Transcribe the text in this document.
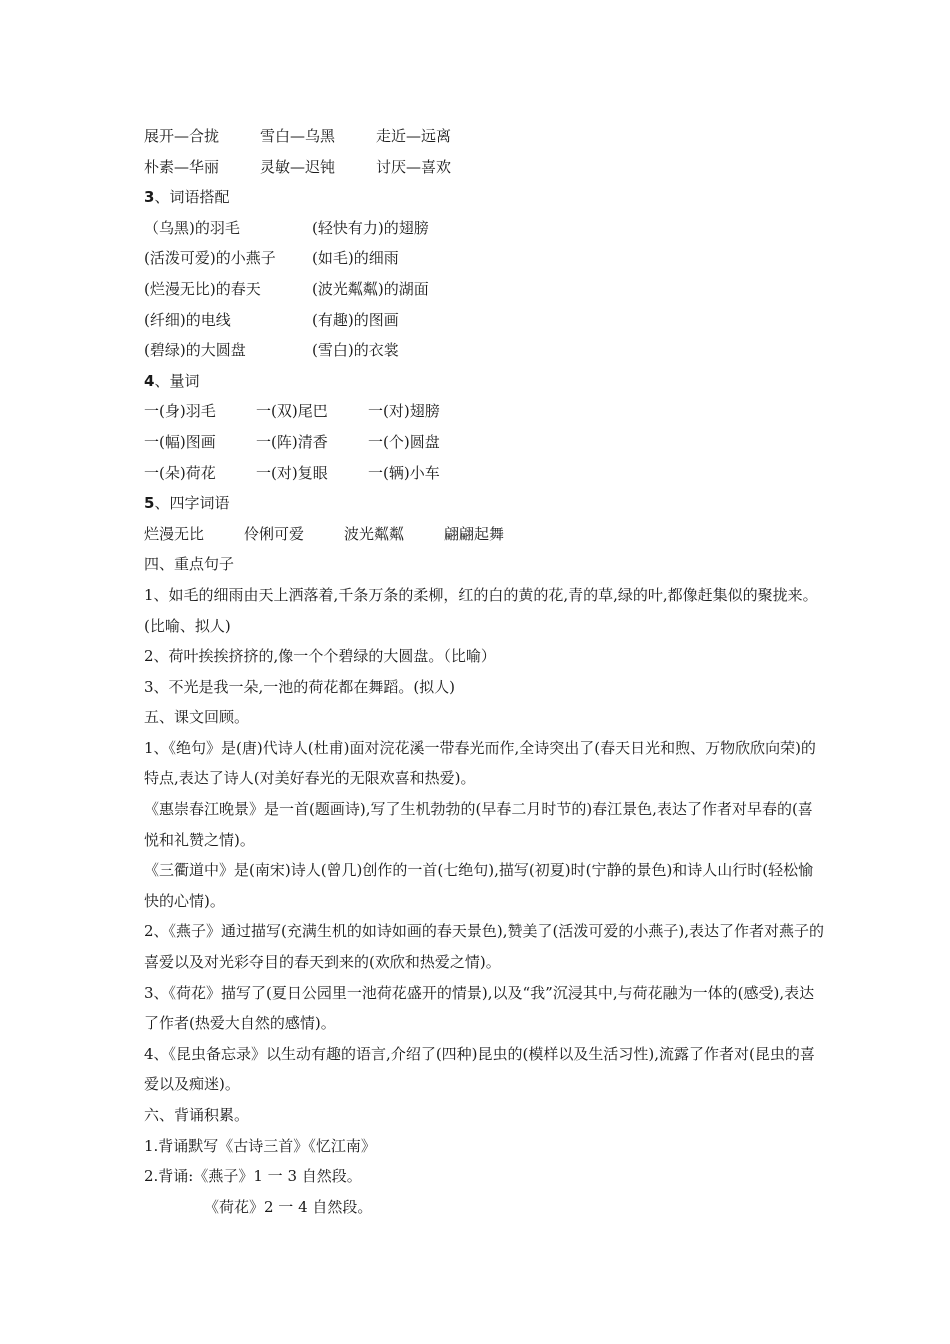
展开—合拢	雪白—乌黑	走近—远离
朴素—华丽	灵敏—迟钝	讨厌—喜欢
3、词语搭配
（乌黑)的羽毛	(轻快有力)的翅膀
(活泼可爱)的小燕子 (如毛)的细雨
(烂漫无比)的春天	(波光粼粼)的湖面
(纤细)的电线	(有趣)的图画
(碧绿)的大圆盘	(雪白)的衣裳
4、量词
一(身)羽毛	一(双)尾巴	一(对)翅膀
一(幅)图画	一(阵)清香	一(个)圆盘
一(朵)荷花	一(对)复眼	一(辆)小车
5、四字词语
烂漫无比	伶俐可爱	波光粼粼	翩翩起舞
四、重点句子
1、如毛的细雨由天上洒落着,千条万条的柔柳，红的白的黄的花,青的草,绿的叶,都像赶集似的聚拢来。(比喻、拟人)
2、荷叶挨挨挤挤的,像一个个碧绿的大圆盘。（比喻）
3、不光是我一朵,一池的荷花都在舞蹈。(拟人)
五、课文回顾。
1、《绝句》是(唐)代诗人(杜甫)面对浣花溪一带春光而作,全诗突出了(春天日光和煦、万物欣欣向荣)的特点,表达了诗人(对美好春光的无限欢喜和热爱)。
《惠崇春江晚景》是一首(题画诗),写了生机勃勃的(早春二月时节的)春江景色,表达了作者对早春的(喜悦和礼赞之情)。
《三衢道中》是(南宋)诗人(曾几)创作的一首(七绝句),描写(初夏)时(宁静的景色)和诗人山行时(轻松愉快的心情)。
2、《燕子》通过描写(充满生机的如诗如画的春天景色),赞美了(活泼可爱的小燕子),表达了作者对燕子的喜爱以及对光彩夺目的春天到来的(欢欣和热爱之情)。
3、《荷花》描写了(夏日公园里一池荷花盛开的情景),以及“我”沉浸其中,与荷花融为一体的(感受),表达了作者(热爱大自然的感情)。
4、《昆虫备忘录》以生动有趣的语言,介绍了(四种)昆虫的(模样以及生活习性),流露了作者对(昆虫的喜爱以及痴迷)。
六、背诵积累。
1.背诵默写《古诗三首》《忆江南》
2.背诵:《燕子》1 一 3 自然段。
《荷花》2 一 4 自然段。
